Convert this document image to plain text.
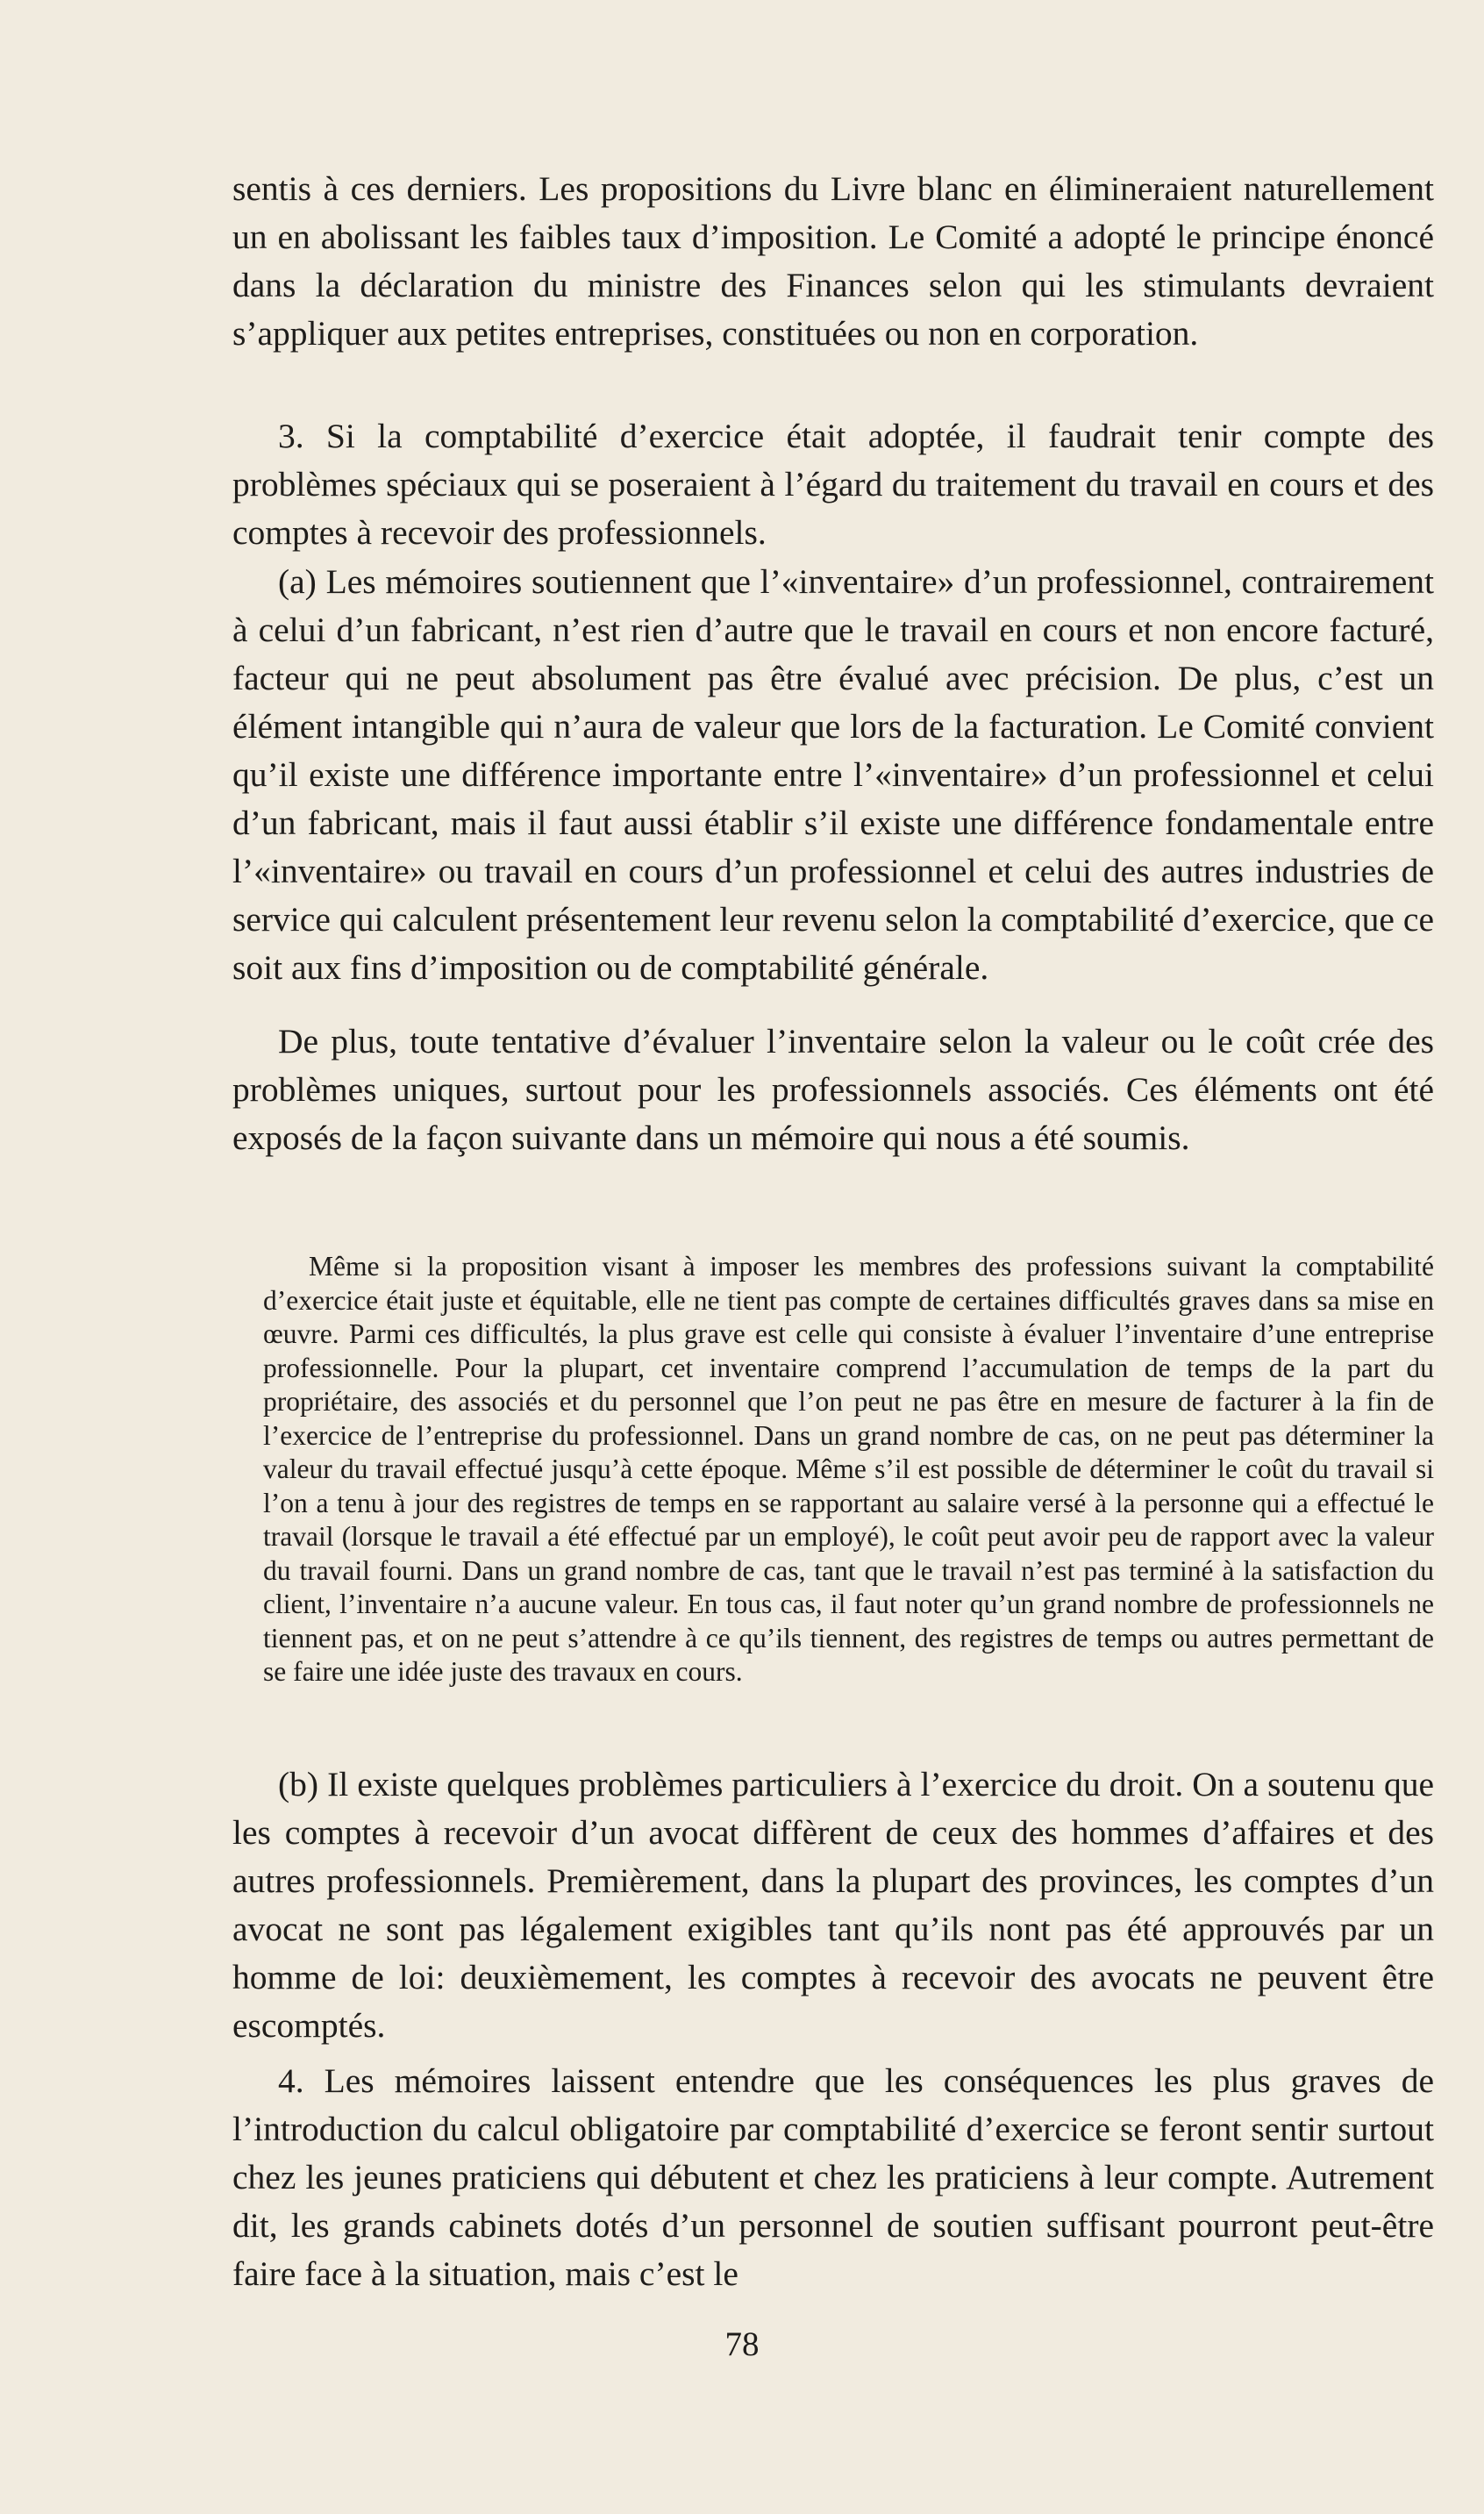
sentis à ces derniers. Les propositions du Livre blanc en élimineraient naturellement un en abolissant les faibles taux d’imposition. Le Comité a adopté le principe énoncé dans la déclaration du ministre des Finances selon qui les stimulants devraient s’appliquer aux petites entreprises, constituées ou non en corporation.

3. Si la comptabilité d’exercice était adoptée, il faudrait tenir compte des problèmes spéciaux qui se poseraient à l’égard du traitement du travail en cours et des comptes à recevoir des professionnels.

(a) Les mémoires soutiennent que l’«inventaire» d’un professionnel, contrairement à celui d’un fabricant, n’est rien d’autre que le travail en cours et non encore facturé, facteur qui ne peut absolument pas être évalué avec précision. De plus, c’est un élément intangible qui n’aura de valeur que lors de la facturation. Le Comité convient qu’il existe une différence importante entre l’«inventaire» d’un professionnel et celui d’un fabricant, mais il faut aussi établir s’il existe une différence fondamentale entre l’«inventaire» ou travail en cours d’un professionnel et celui des autres industries de service qui calculent présentement leur revenu selon la comptabilité d’exercice, que ce soit aux fins d’imposition ou de comptabilité générale.

De plus, toute tentative d’évaluer l’inventaire selon la valeur ou le coût crée des problèmes uniques, surtout pour les professionnels associés. Ces éléments ont été exposés de la façon suivante dans un mémoire qui nous a été soumis.

Même si la proposition visant à imposer les membres des professions suivant la comptabilité d’exercice était juste et équitable, elle ne tient pas compte de certaines difficultés graves dans sa mise en œuvre. Parmi ces difficultés, la plus grave est celle qui consiste à évaluer l’inventaire d’une entreprise professionnelle. Pour la plupart, cet inventaire comprend l’accumulation de temps de la part du propriétaire, des associés et du personnel que l’on peut ne pas être en mesure de facturer à la fin de l’exercice de l’entreprise du professionnel. Dans un grand nombre de cas, on ne peut pas déterminer la valeur du travail effectué jusqu’à cette époque. Même s’il est possible de déterminer le coût du travail si l’on a tenu à jour des registres de temps en se rapportant au salaire versé à la personne qui a effectué le travail (lorsque le travail a été effectué par un employé), le coût peut avoir peu de rapport avec la valeur du travail fourni. Dans un grand nombre de cas, tant que le travail n’est pas terminé à la satisfaction du client, l’inventaire n’a aucune valeur. En tous cas, il faut noter qu’un grand nombre de professionnels ne tiennent pas, et on ne peut s’attendre à ce qu’ils tiennent, des registres de temps ou autres permettant de se faire une idée juste des travaux en cours.

(b) Il existe quelques problèmes particuliers à l’exercice du droit. On a soutenu que les comptes à recevoir d’un avocat diffèrent de ceux des hommes d’affaires et des autres professionnels. Premièrement, dans la plupart des provinces, les comptes d’un avocat ne sont pas légalement exigibles tant qu’ils nont pas été approuvés par un homme de loi: deuxièmement, les comptes à recevoir des avocats ne peuvent être escomptés.

4. Les mémoires laissent entendre que les conséquences les plus graves de l’introduction du calcul obligatoire par comptabilité d’exercice se feront sentir surtout chez les jeunes praticiens qui débutent et chez les praticiens à leur compte. Autrement dit, les grands cabinets dotés d’un personnel de soutien suffisant pourront peut-être faire face à la situation, mais c’est le

78
